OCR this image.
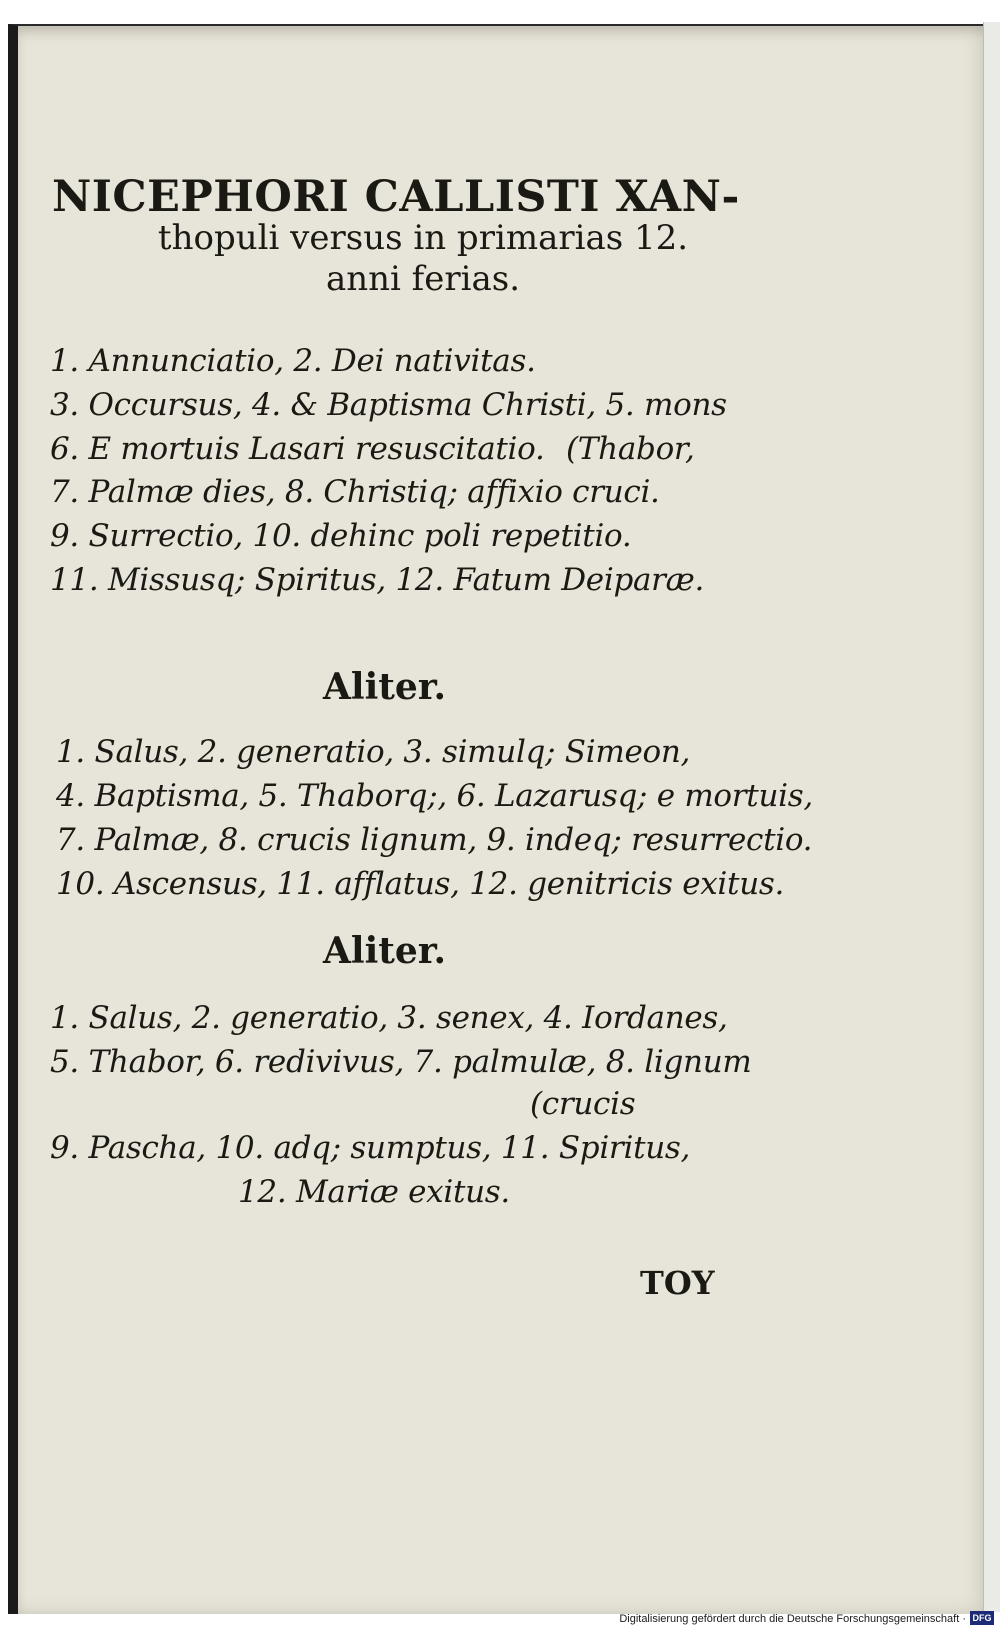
NICEPHORI CALLISTI XAN-
thopuli versus in primarias 12.
anni ferias.
1. Annunciatio, 2. Dei nativitas.
3. Occursus, 4. & Baptisma Christi, 5. mons
6. E mortuis Lasari resuscitatio. (Thabor,
7. Palmæ dies, 8. Christiq; affixio cruci.
9. Surrectio, 10. dehinc poli repetitio.
11. Missusq; Spiritus, 12. Fatum Deiparæ.
Aliter.
1. Salus, 2. generatio, 3. simulq; Simeon,
4. Baptisma, 5. Thaborq;, 6. Lazarusq; e mortuis,
7. Palmæ, 8. crucis lignum, 9. indeq; resurrectio.
10. Ascensus, 11. afflatus, 12. genitricis exitus.
Aliter.
1. Salus, 2. generatio, 3. senex, 4. Iordanes,
5. Thabor, 6. redivivus, 7. palmulæ, 8. lignum
(crucis
9. Pascha, 10. adq; sumptus, 11. Spiritus,
12. Mariæ exitus.
TOY
Digitalisierung gefördert durch die Deutsche Forschungsgemeinschaft · DFG
